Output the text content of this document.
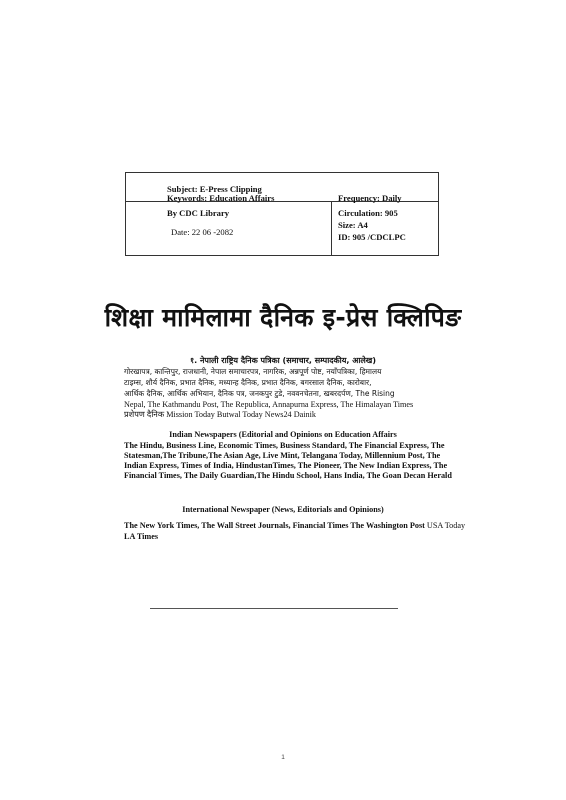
Subject: E-Press Clipping
Keywords: Education Affairs	Frequency: Daily
By CDC Library
Date: 22 06 -2082
Circulation: 905
Size: A4
ID: 905 /CDCLPC
शिक्षा मामिलामा दैनिक इ-प्रेस क्लिपिङ
१. नेपाली राष्ट्रिय दैनिक पत्रिका (समाचार, सम्पादकीय, आलेख)
गोरखापत्र, कान्तिपुर, राजधानी, नेपाल समाचारपत्र, नागरिक, अन्नपूर्ण पोष्ट, नयाँपत्रिका, हिमालय
टाइम्स, शौर्य दैनिक, प्रभात दैनिक, मध्यान्ह दैनिक, प्रभात दैनिक, बगरसाल दैनिक, कारोबार,
आर्थिक दैनिक, आर्थिक अभियान, दैनिक पत्र, जनकपुर टुडे, नववनचेतना, खबरदर्पण, The Rising
Nepal, The Kathmandu Post, The Republica, Annapurna Express, The Himalayan Times
प्रशेपण दैनिक Mission Today Butwal Today News24 Dainik
Indian Newspapers (Editorial and Opinions on Education Affairs
The Hindu, Business Line, Economic Times, Business Standard, The Financial Express, The
Statesman,The Tribune,The Asian Age, Live Mint, Telangana Today, Millennium Post, The
Indian Express, Times of India, HindustanTimes, The Pioneer, The New Indian Express, The
Financial Times, The Daily Guardian,The Hindu School, Hans India, The Goan Decan Herald
International Newspaper (News, Editorials and Opinions)
The New York Times, The Wall Street Journals, Financial Times The Washington Post USA Today
LA Times
1
